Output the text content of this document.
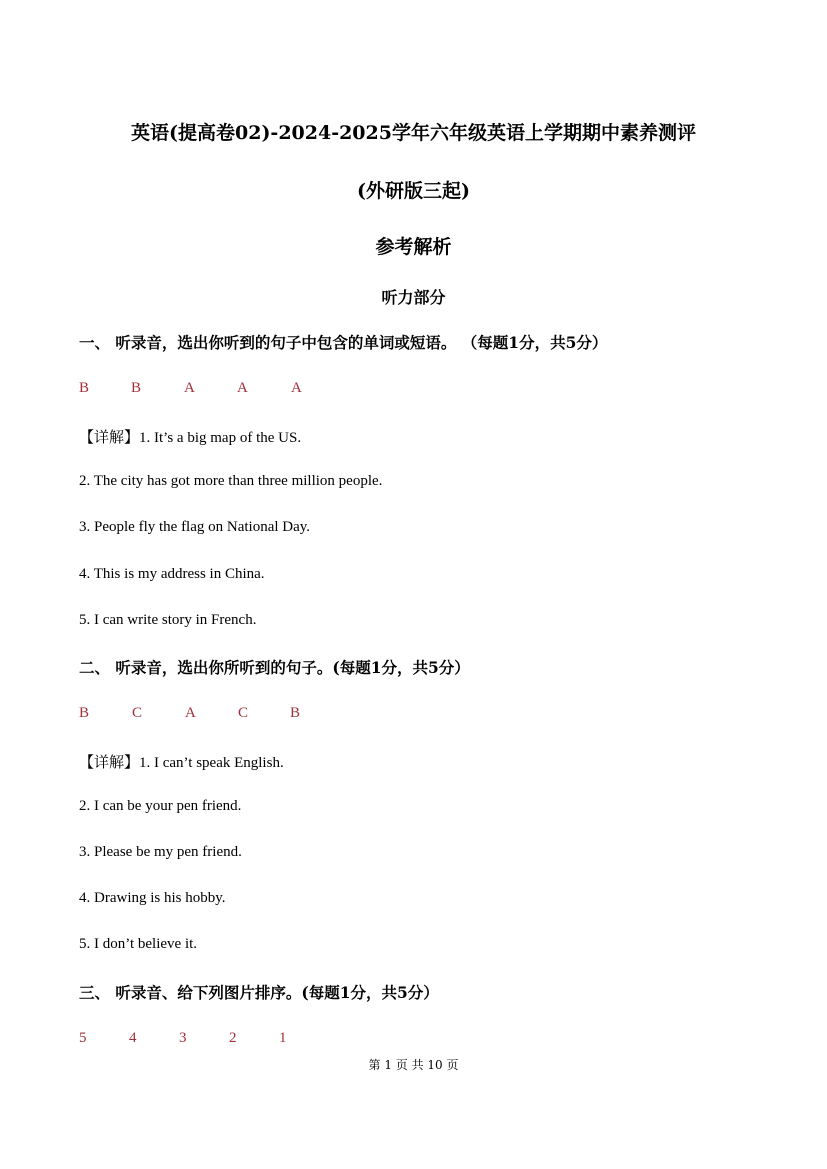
英语(提高卷02)-2024-2025学年六年级英语上学期期中素养测评
(外研版三起)
参考解析
听力部分
一、 听录音，选出你听到的句子中包含的单词或短语。 （每题1分，共5分）
B	B	A	A	A
【详解】1. It’s a big map of the US.
2. The city has got more than three million people.
3. People fly the flag on National Day.
4. This is my address in China.
5. I can write story in French.
二、 听录音，选出你所听到的句子。(每题1分，共5分）
B	C	A	C	B
【详解】1. I can’t speak English.
2. I can be your pen friend.
3. Please be my pen friend.
4. Drawing is his hobby.
5. I don’t believe it.
三、 听录音、给下列图片排序。(每题1分，共5分）
5	4	3	2	1
第 1 页 共 10 页
